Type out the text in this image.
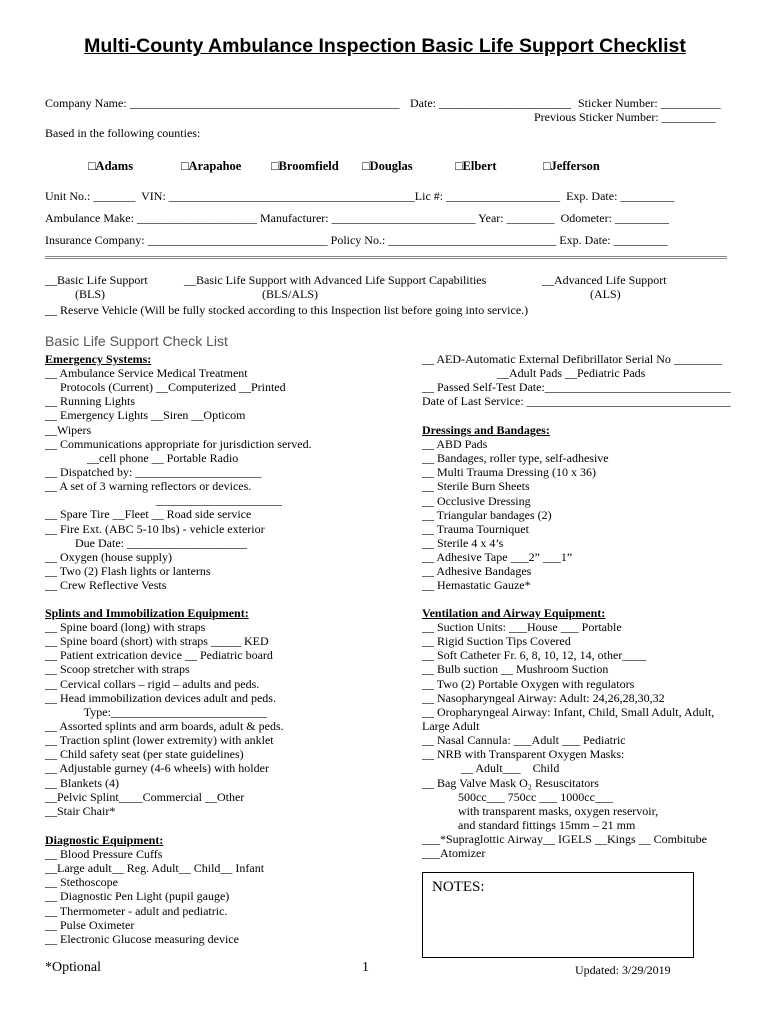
Multi-County Ambulance Inspection Basic Life Support Checklist
Company Name: _____________________________________________ Date: ______________________ Sticker Number: __________
Previous Sticker Number: _________
Based in the following counties:
□Adams	□Arapahoe □Broomfield □Douglas	□Elbert	□Jefferson
Unit No.: _______  VIN: _________________________________________Lic #: ___________________  Exp. Date: _________
Ambulance Make: ____________________ Manufacturer: ________________________ Year: ________  Odometer: _________
Insurance Company: ______________________________ Policy No.: ____________________________ Exp. Date: _________
__Basic Life Support
(BLS)
__Basic Life Support with Advanced Life Support Capabilities
(BLS/ALS)
__Advanced Life Support
(ALS)
__ Reserve Vehicle (Will be fully stocked according to this Inspection list before going into service.)
Basic Life Support Check List
Emergency Systems:
__ Ambulance Service Medical Treatment
Protocols (Current) __Computerized __Printed
__ Running Lights
__ Emergency Lights __Siren __Opticom
__Wipers
__ Communications appropriate for jurisdiction served.
__cell phone __ Portable Radio
__ Dispatched by: _____________________
__ A set of 3 warning reflectors or devices.
_____________________
__ Spare Tire __Fleet __ Road side service
__ Fire Ext. (ABC 5-10 lbs) - vehicle exterior
Due Date: ____________________
__ Oxygen (house supply)
__ Two (2) Flash lights or lanterns
__ Crew Reflective Vests
Splints and Immobilization Equipment:
__ Spine board (long) with straps
__ Spine board (short) with straps _____ KED
__ Patient extrication device __ Pediatric board
__ Scoop stretcher with straps
__ Cervical collars – rigid – adults and peds.
__ Head immobilization devices adult and peds.
Type:__________________________
__ Assorted splints and arm boards, adult & peds.
__ Traction splint (lower extremity) with anklet
__ Child safety seat (per state guidelines)
__ Adjustable gurney (4-6 wheels) with holder
__ Blankets (4)
__Pelvic Splint____Commercial __Other
__Stair Chair*
Diagnostic Equipment:
__ Blood Pressure Cuffs
__Large adult__ Reg. Adult__ Child__ Infant
__ Stethoscope
__ Diagnostic Pen Light (pupil gauge)
__ Thermometer - adult and pediatric.
__ Pulse Oximeter
__ Electronic Glucose measuring device
__ AED-Automatic External Defibrillator Serial No ________
__Adult Pads __Pediatric Pads
__ Passed Self-Test Date:_______________________________
Date of Last Service: __________________________________
Dressings and Bandages:
__ ABD Pads
__ Bandages, roller type, self-adhesive
__ Multi Trauma Dressing (10 x 36)
__ Sterile Burn Sheets
__ Occlusive Dressing
__ Triangular bandages (2)
__ Trauma Tourniquet
__ Sterile 4 x 4’s
__ Adhesive Tape ___2” ___1”
__ Adhesive Bandages
__ Hemastatic Gauze*
Ventilation and Airway Equipment:
__ Suction Units: ___House ___ Portable
__ Rigid Suction Tips Covered
__ Soft Catheter Fr. 6, 8, 10, 12, 14, other____
__ Bulb suction __ Mushroom Suction
__ Two (2) Portable Oxygen with regulators
__ Nasopharyngeal Airway: Adult: 24,26,28,30,32
__ Oropharyngeal Airway: Infant, Child, Small Adult, Adult,
Large Adult
__ Nasal Cannula: ___Adult ___ Pediatric
__ NRB with Transparent Oxygen Masks:
__ Adult___    Child
__ Bag Valve Mask O₂ Resuscitators
500cc___ 750cc ___ 1000cc___
with transparent masks, oxygen reservoir,
and standard fittings 15mm – 21 mm
___*Supraglottic Airway__ IGELS __Kings __ Combitube
___Atomizer
NOTES:
*Optional	1	Updated: 3/29/2019
